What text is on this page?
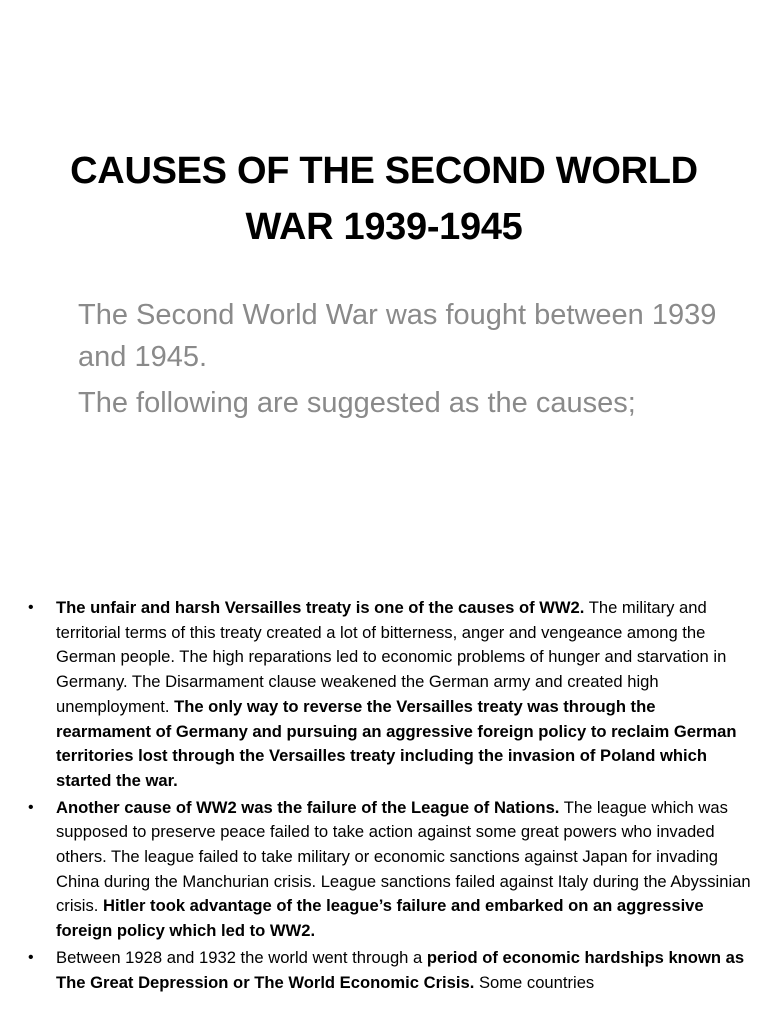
CAUSES OF THE SECOND WORLD WAR 1939-1945

The Second World War was fought between 1939 and 1945.

The following are suggested as the causes;

• The unfair and harsh Versailles treaty is one of the causes of WW2. The military and territorial terms of this treaty created a lot of bitterness, anger and vengeance among the German people. The high reparations led to economic problems of hunger and starvation in Germany. The Disarmament clause weakened the German army and created high unemployment. The only way to reverse the Versailles treaty was through the rearmament of Germany and pursuing an aggressive foreign policy to reclaim German territories lost through the Versailles treaty including the invasion of Poland which started the war.
• Another cause of WW2 was the failure of the League of Nations. The league which was supposed to preserve peace failed to take action against some great powers who invaded others. The league failed to take military or economic sanctions against Japan for invading China during the Manchurian crisis. League sanctions failed against Italy during the Abyssinian crisis. Hitler took advantage of the league’s failure and embarked on an aggressive foreign policy which led to WW2.
• Between 1928 and 1932 the world went through a period of economic hardships known as The Great Depression or The World Economic Crisis. Some countries
